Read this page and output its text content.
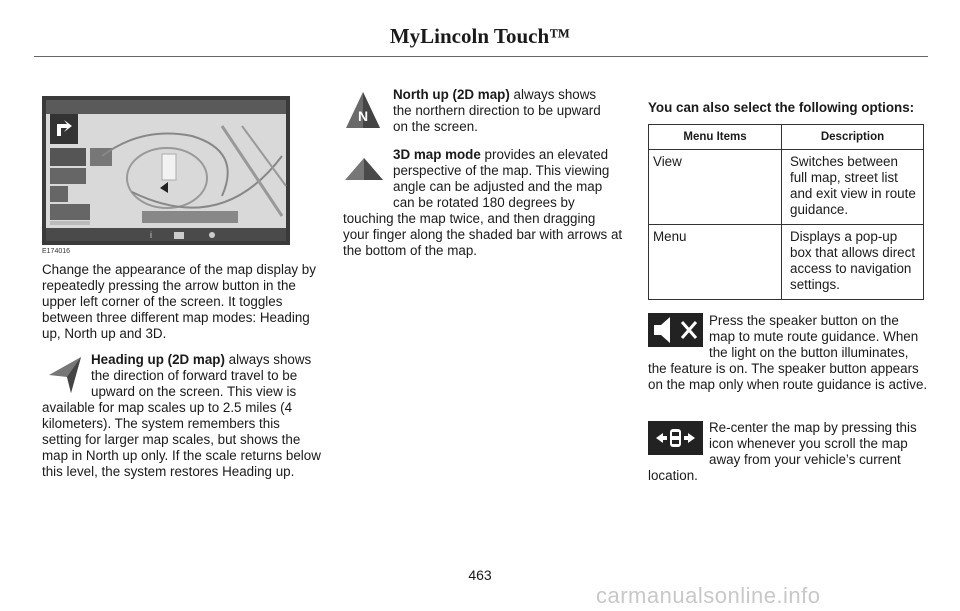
MyLincoln Touch™
i
E174016
Change the appearance of the map display by repeatedly pressing the arrow button in the upper left corner of the screen. It toggles between three different map modes: Heading up, North up and 3D.
Heading up (2D map) always shows
the direction of forward travel to be
upward on the screen. This view is
available for map scales up to 2.5 miles (4 kilometers). The system remembers this setting for larger map scales, but shows the map in North up only. If the scale returns below this level, the system restores Heading up.
N
North up (2D map) always shows
the northern direction to be upward
on the screen.
3D map mode provides an elevated
perspective of the map. This viewing
angle can be adjusted and the map
can be rotated 180 degrees by
touching the map twice, and then dragging your finger along the shaded bar with arrows at the bottom of the map.
You can also select the following options:
Menu Items	Description
View	Switches between full map, street list and exit view in route guidance.
Menu	Displays a pop-up box that allows direct access to navigation settings.
Press the speaker button on the
map to mute route guidance. When
the light on the button illuminates,
the feature is on. The speaker button appears on the map only when route guidance is active.
Re-center the map by pressing this
icon whenever you scroll the map
away from your vehicle’s current
location.
463
carmanualsonline.info
